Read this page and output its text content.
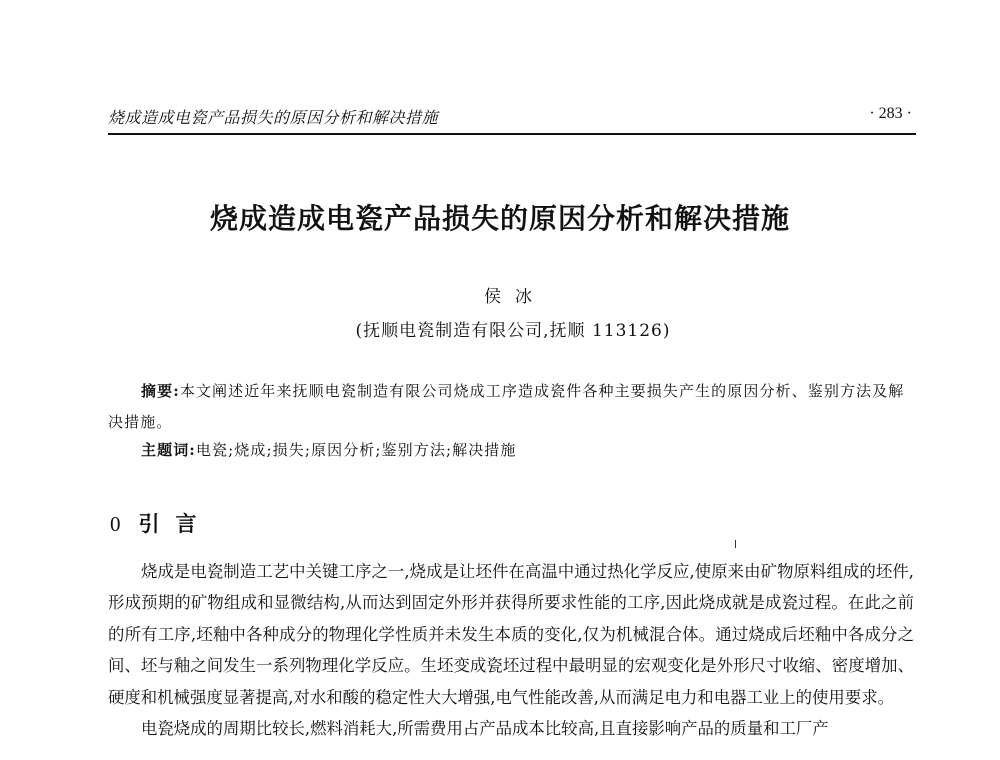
烧成造成电瓷产品损失的原因分析和解决措施	· 283 ·
烧成造成电瓷产品损失的原因分析和解决措施
侯冰
(抚顺电瓷制造有限公司,抚顺 113126)
摘要:本文阐述近年来抚顺电瓷制造有限公司烧成工序造成瓷件各种主要损失产生的原因分析、鉴别方法及解决措施。
主题词:电瓷;烧成;损失;原因分析;鉴别方法;解决措施
0 引言

烧成是电瓷制造工艺中关键工序之一,烧成是让坯件在高温中通过热化学反应,使原来由矿物原料组成的坯件,形成预期的矿物组成和显微结构,从而达到固定外形并获得所要求性能的工序,因此烧成就是成瓷过程。在此之前的所有工序,坯釉中各种成分的物理化学性质并未发生本质的变化,仅为机械混合体。通过烧成后坯釉中各成分之间、坯与釉之间发生一系列物理化学反应。生坯变成瓷坯过程中最明显的宏观变化是外形尺寸收缩、密度增加、硬度和机械强度显著提高,对水和酸的稳定性大大增强,电气性能改善,从而满足电力和电器工业上的使用要求。

电瓷烧成的周期比较长,燃料消耗大,所需费用占产品成本比较高,且直接影响产品的质量和工厂产
